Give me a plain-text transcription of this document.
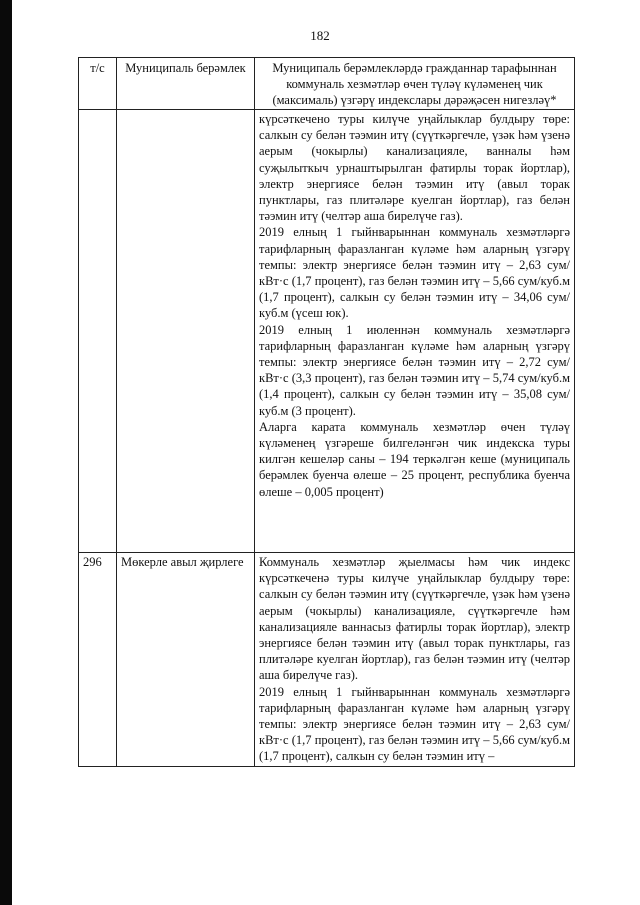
182
т/с	Муниципаль берәмлек	Муниципаль берәмлекләрдә гражданнар тарафыннан коммуналь хезмәтләр өчен түләү күләменең чик (максималь) үзгәрү индекслары дәрәҗәсен нигезләү*

		күрсәткечено туры килүче уңайлыклар булдыру төре: салкын су белән тәэмин итү (сүүткәргечле, үзәк һәм үзенә аерым (чокырлы) канализацияле, ванналы һәм суҗылыткыч урнаштырылган фатирлы торак йортлар), электр энергиясе белән тәэмин итү (авыл торак пунктлары, газ плитәләре куелган йортлар), газ белән тәэмин итү (челтәр аша бирелүче газ).

2019 елның 1 гыйнварыннан коммуналь хезмәтләргә тарифларның фаразланган күләме һәм аларның үзгәрү темпы: электр энергиясе белән тәэмин итү – 2,63 сум/кВт·с (1,7 процент), газ белән тәэмин итү – 5,66 сум/куб.м (1,7 процент), салкын су белән тәэмин итү – 34,06 сум/куб.м (үсеш юк).

2019 елның 1 июленнән коммуналь хезмәтләргә тарифларның фаразланган күләме һәм аларның үзгәрү темпы: электр энергиясе белән тәэмин итү – 2,72 сум/кВт·с (3,3 процент), газ белән тәэмин итү – 5,74 сум/куб.м (1,4 процент), салкын су белән тәэмин итү – 35,08 сум/куб.м (3 процент).

Аларга карата коммуналь хезмәтләр өчен түләү күләменең үзгәреше билгеләнгән чик индекска туры килгән кешеләр саны – 194 теркәлгән кеше (муниципаль берәмлек буенча өлеше – 25 процент, республика буенча өлеше – 0,005 процент)

296	Мөкерле авыл җирлеге	Коммуналь хезмәтләр җыелмасы һәм чик индекс күрсәткеченә туры килүче уңайлыклар булдыру төре: салкын су белән тәэмин итү (сүүткәргечле, үзәк һәм үзенә аерым (чокырлы) канализацияле, сүүткәргечле һәм канализацияле ваннасыз фатирлы торак йортлар), электр энергиясе белән тәэмин итү (авыл торак пунктлары, газ плитәләре куелган йортлар), газ белән тәэмин итү (челтәр аша бирелүче газ).

2019 елның 1 гыйнварыннан коммуналь хезмәтләргә тарифларның фаразланган күләме һәм аларның үзгәрү темпы: электр энергиясе белән тәэмин итү – 2,63 сум/кВт·с (1,7 процент), газ белән тәэмин итү – 5,66 сум/куб.м (1,7 процент), салкын су белән тәэмин итү –
